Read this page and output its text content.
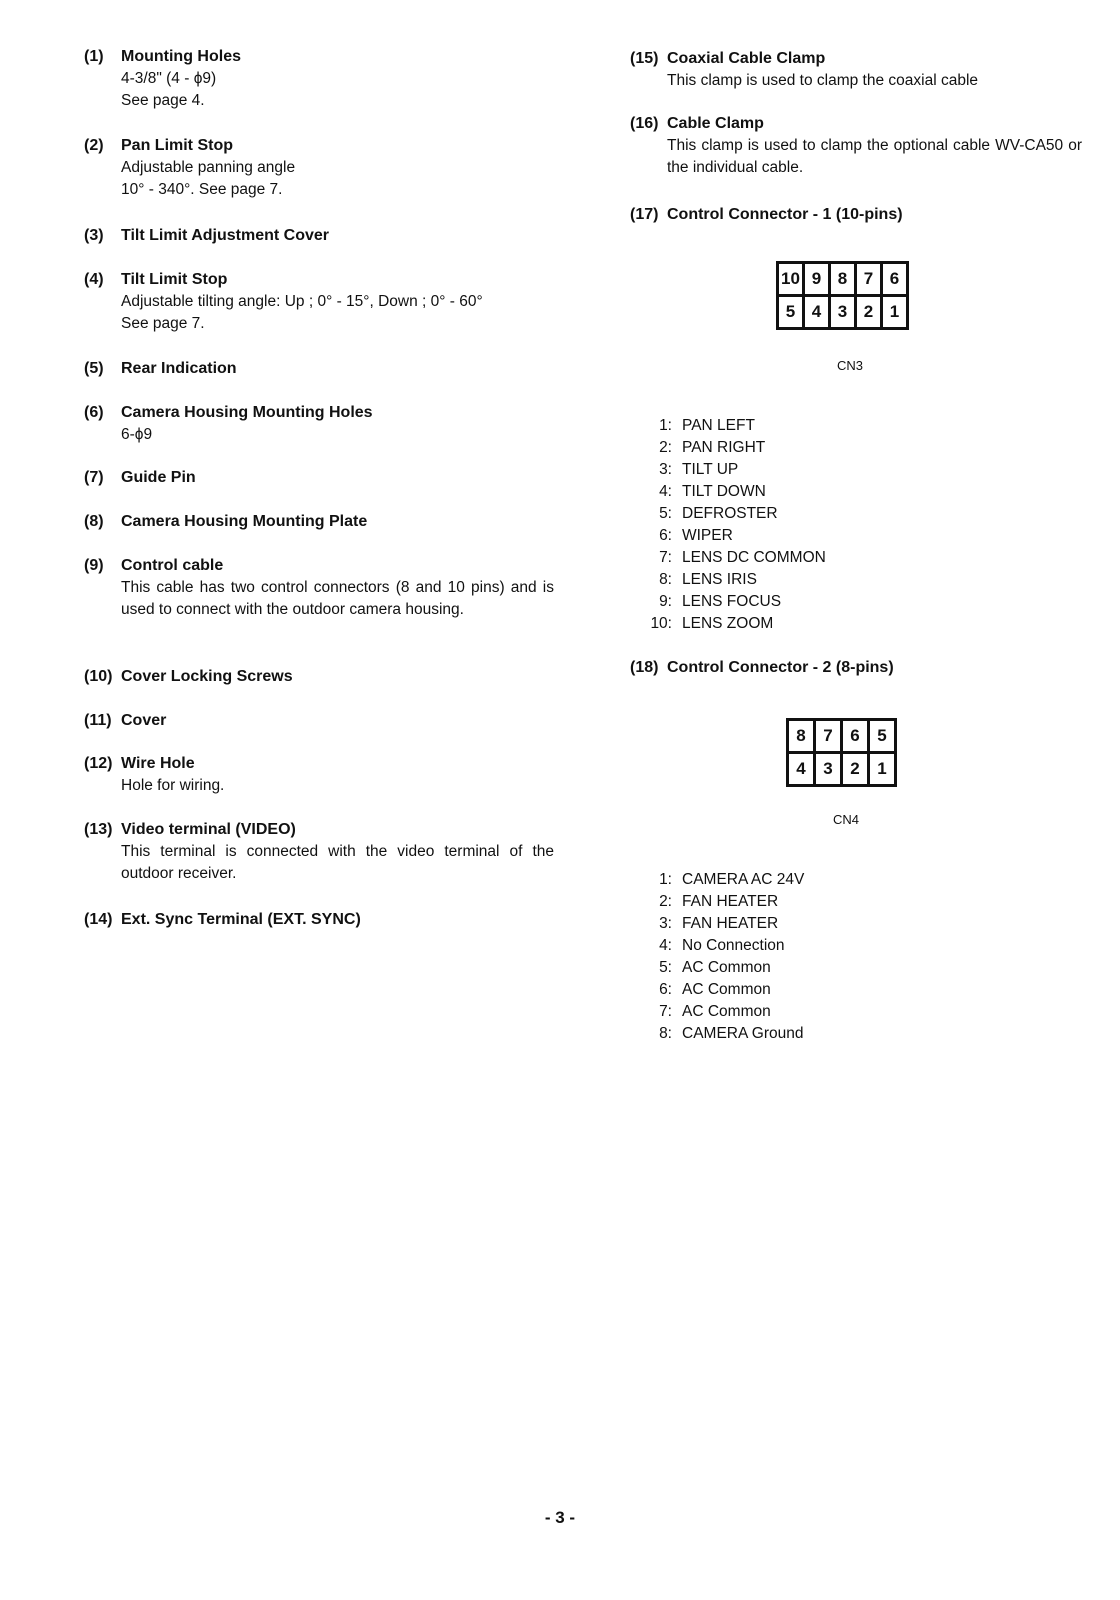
(1) Mounting Holes
4-3/8" (4 - ϕ9)
See page 4.
(2) Pan Limit Stop
Adjustable panning angle
10° - 340°. See page 7.
(3) Tilt Limit Adjustment Cover
(4) Tilt Limit Stop
Adjustable tilting angle: Up ; 0° - 15°, Down ; 0° - 60°
See page 7.
(5) Rear Indication
(6) Camera Housing Mounting Holes
6-ϕ9
(7) Guide Pin
(8) Camera Housing Mounting Plate
(9) Control cable
This cable has two control connectors (8 and 10 pins) and is used to connect with the outdoor camera housing.
(10) Cover Locking Screws
(11) Cover
(12) Wire Hole
Hole for wiring.
(13) Video terminal (VIDEO)
This terminal is connected with the video terminal of the outdoor receiver.
(14) Ext. Sync Terminal (EXT. SYNC)
(15) Coaxial Cable Clamp
This clamp is used to clamp the coaxial cable
(16) Cable Clamp
This clamp is used to clamp the optional cable WV-CA50 or the individual cable.
(17) Control Connector - 1 (10-pins)
(18) Control Connector - 2 (8-pins)
10 9 8 7 6
5 4 3 2 1
CN3
1: PAN LEFT
2: PAN RIGHT
3: TILT UP
4: TILT DOWN
5: DEFROSTER
6: WIPER
7: LENS DC COMMON
8: LENS IRIS
9: LENS FOCUS
10: LENS ZOOM
8	7	6	5
4	3	2	1
CN4
1: CAMERA AC 24V
2: FAN HEATER
3: FAN HEATER
4: No Connection
5: AC Common
6: AC Common
7: AC Common
8: CAMERA Ground
- 3 -
